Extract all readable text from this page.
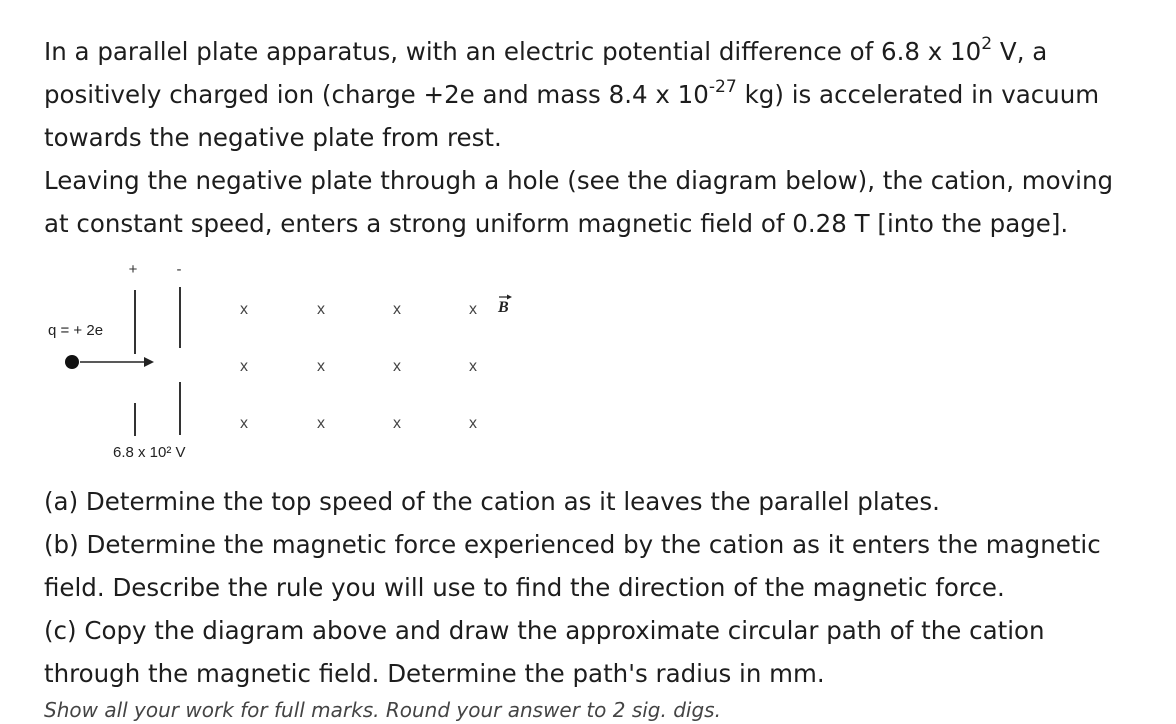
In a parallel plate apparatus, with an electric potential difference of 6.8 x $10^2$ V, a positively charged ion (charge +2e and mass 8.4 x $10^{-27}$ kg) is accelerated in vacuum towards the negative plate from rest.

Leaving the negative plate through a hole (see the diagram below), the cation, moving at constant speed, enters a strong uniform magnetic field of 0.28 T [into the page].

+	-
q = + 2e
6.8 x 10² V
x	x	x	x
x	x	x	x
x	x	x	x
B

(a) Determine the top speed of the cation as it leaves the parallel plates.

(b) Determine the magnetic force experienced by the cation as it enters the magnetic field. Describe the rule you will use to find the direction of the magnetic force.

(c) Copy the diagram above and draw the approximate circular path of the cation through the magnetic field. Determine the path's radius in mm.

Show all your work for full marks. Round your answer to 2 sig. digs.
